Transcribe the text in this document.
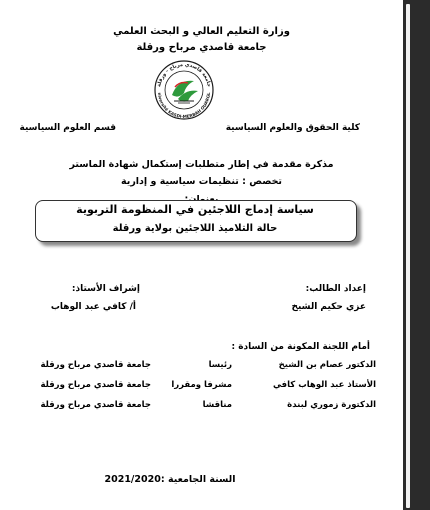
وزارة التعليم العالي و البحث العلمي
جامعة قاصدي مرباح ورقلة
جامعة قاصدي مرباح - ورقلة
niversité KASDI-MERBAH OUARGL
كلية الحقوق والعلوم السياسية
قسم العلوم السياسية
مذكرة مقدمة في إطار متطلبات إستكمال شهادة الماستر
تخصص : تنظيمات سياسية و إدارية
سياسة إدماج اللاجئين في المنظومة التربوية
حالة التلاميذ اللاجئين بولاية ورقلة
إعداد الطالب:
إشراف الأستاذ:
عزي حكيم الشيخ
أ/ كافي عبد الوهاب
أمام اللجنة المكونة من السادة :
الدكتور عصام بن الشيخ
رئيسا
جامعة قاصدي مرباح ورقلة
الأستاذ عبد الوهاب كافي
مشرفا ومقررا
جامعة قاصدي مرباح ورقلة
الدكتورة زموري لبندة
مناقشا
جامعة قاصدي مرباح ورقلة
السنة الجامعية :2021/2020
